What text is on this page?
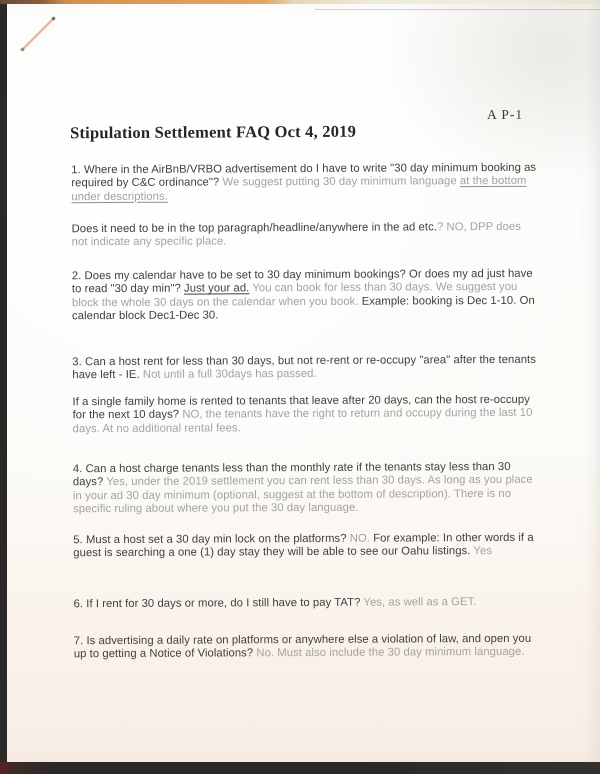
A P-1
Stipulation Settlement FAQ Oct 4, 2019

1. Where in the AirBnB/VRBO advertisement do I have to write "30 day minimum booking as required by C&C ordinance"? We suggest putting 30 day minimum language at the bottom under descriptions.

Does it need to be in the top paragraph/headline/anywhere in the ad etc.? NO, DPP does not indicate any specific place.

2. Does my calendar have to be set to 30 day minimum bookings? Or does my ad just have to read "30 day min"? Just your ad. You can book for less than 30 days. We suggest you block the whole 30 days on the calendar when you book. Example: booking is Dec 1-10. On calendar block Dec1-Dec 30.

3. Can a host rent for less than 30 days, but not re-rent or re-occupy "area" after the tenants have left - IE. Not until a full 30days has passed.

If a single family home is rented to tenants that leave after 20 days, can the host re-occupy for the next 10 days? NO, the tenants have the right to return and occupy during the last 10 days. At no additional rental fees.

4. Can a host charge tenants less than the monthly rate if the tenants stay less than 30 days? Yes, under the 2019 settlement you can rent less than 30 days. As long as you place in your ad 30 day minimum (optional, suggest at the bottom of description). There is no specific ruling about where you put the 30 day language.

5. Must a host set a 30 day min lock on the platforms? NO. For example: In other words if a guest is searching a one (1) day stay they will be able to see our Oahu listings. Yes

6. If I rent for 30 days or more, do I still have to pay TAT? Yes, as well as a GET.

7. Is advertising a daily rate on platforms or anywhere else a violation of law, and open you up to getting a Notice of Violations? No. Must also include the 30 day minimum language.
